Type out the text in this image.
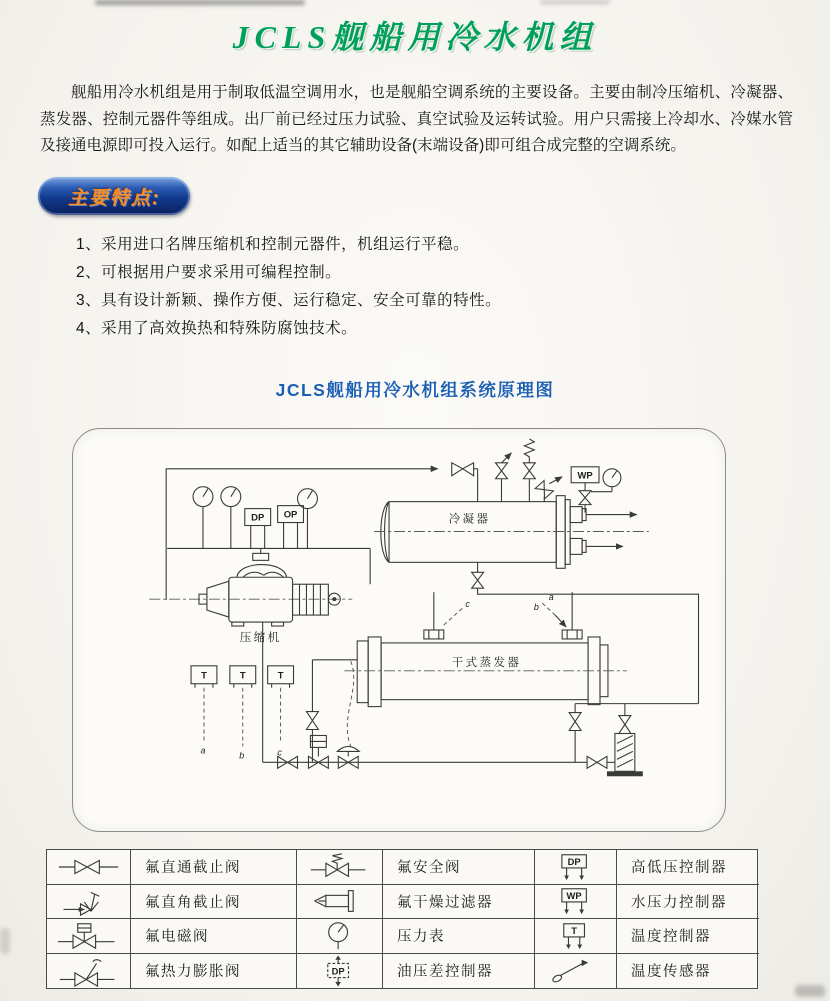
JCLS舰船用冷水机组

舰船用冷水机组是用于制取低温空调用水，也是舰船空调系统的主要设备。主要由制冷压缩机、冷凝器、蒸发器、控制元器件等组成。出厂前已经过压力试验、真空试验及运转试验。用户只需接上冷却水、冷媒水管及接通电源即可投入运行。如配上适当的其它辅助设备(末端设备)即可组合成完整的空调系统。

主要特点:
1、采用进口名牌压缩机和控制元器件，机组运行平稳。
2、可根据用户要求采用可编程控制。
3、具有设计新颖、操作方便、运行稳定、安全可靠的特性。
4、采用了高效换热和特殊防腐蚀技术。
JCLS舰船用冷水机组系统原理图
WP
冷凝器
干式蒸发器
c
a
b
压缩机
DP OP
T	T	T
a	b	c
氟直通截止阀	氟安全阀	DP	高低压控制器
氟直角截止阀	氟干燥过滤器	WP	水压力控制器
氟电磁阀	压力表	T	温度控制器
氟热力膨胀阀	DP	油压差控制器	温度传感器
